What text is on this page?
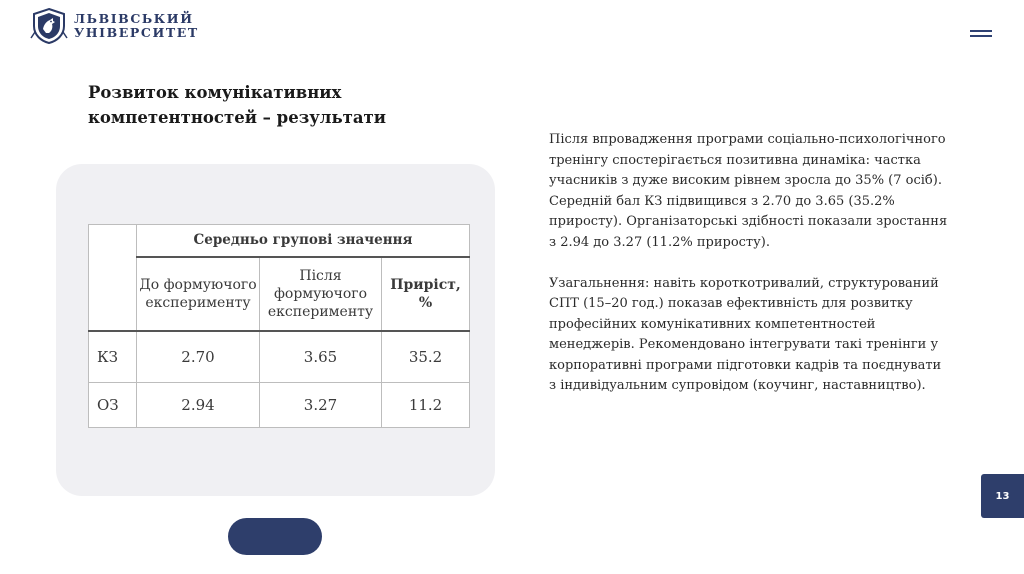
ЛЬВІВСЬКИЙ
УНІВЕРСИТЕТ
Розвиток комунікативних компетентностей – результати
	Середньо групові значення		
	До формуючого експерименту	Після формуючого експерименту	Приріст, %
КЗ	2.70	3.65	35.2
ОЗ	2.94	3.27	11.2

Після впровадження програми соціально-психологічного тренінгу спостерігається позитивна динаміка: частка учасників з дуже високим рівнем зросла до 35% (7 осіб). Середній бал КЗ підвищився з 2.70 до 3.65 (35.2% приросту). Організаторські здібності показали зростання з 2.94 до 3.27 (11.2% приросту).

Узагальнення: навіть короткотривалий, структурований СПТ (15–20 год.) показав ефективність для розвитку професійних комунікативних компетентностей менеджерів. Рекомендовано інтегрувати такі тренінги у корпоративні програми підготовки кадрів та поєднувати з індивідуальним супровідом (коучинг, наставництво).

13
